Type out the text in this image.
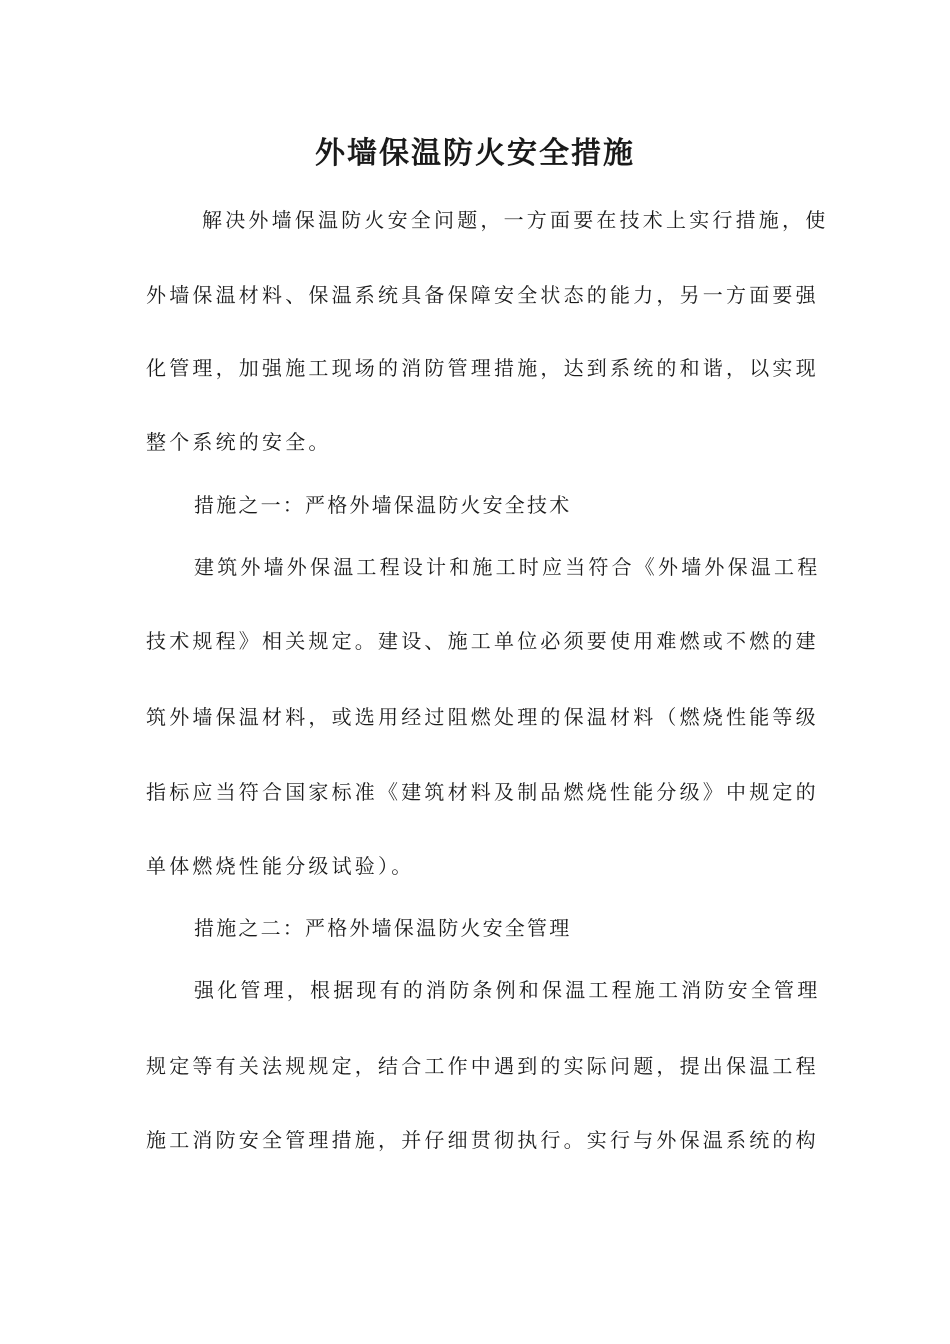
外墙保温防火安全措施

解决外墙保温防火安全问题，一方面要在技术上实行措施，使

外墙保温材料、保温系统具备保障安全状态的能力，另一方面要强

化管理，加强施工现场的消防管理措施，达到系统的和谐，以实现

整个系统的安全。

措施之一：严格外墙保温防火安全技术

建筑外墙外保温工程设计和施工时应当符合《外墙外保温工程

技术规程》相关规定。建设、施工单位必须要使用难燃或不燃的建

筑外墙保温材料，或选用经过阻燃处理的保温材料（燃烧性能等级

指标应当符合国家标准《建筑材料及制品燃烧性能分级》中规定的

单体燃烧性能分级试验）。

措施之二：严格外墙保温防火安全管理

强化管理，根据现有的消防条例和保温工程施工消防安全管理

规定等有关法规规定，结合工作中遇到的实际问题，提出保温工程

施工消防安全管理措施，并仔细贯彻执行。实行与外保温系统的构
